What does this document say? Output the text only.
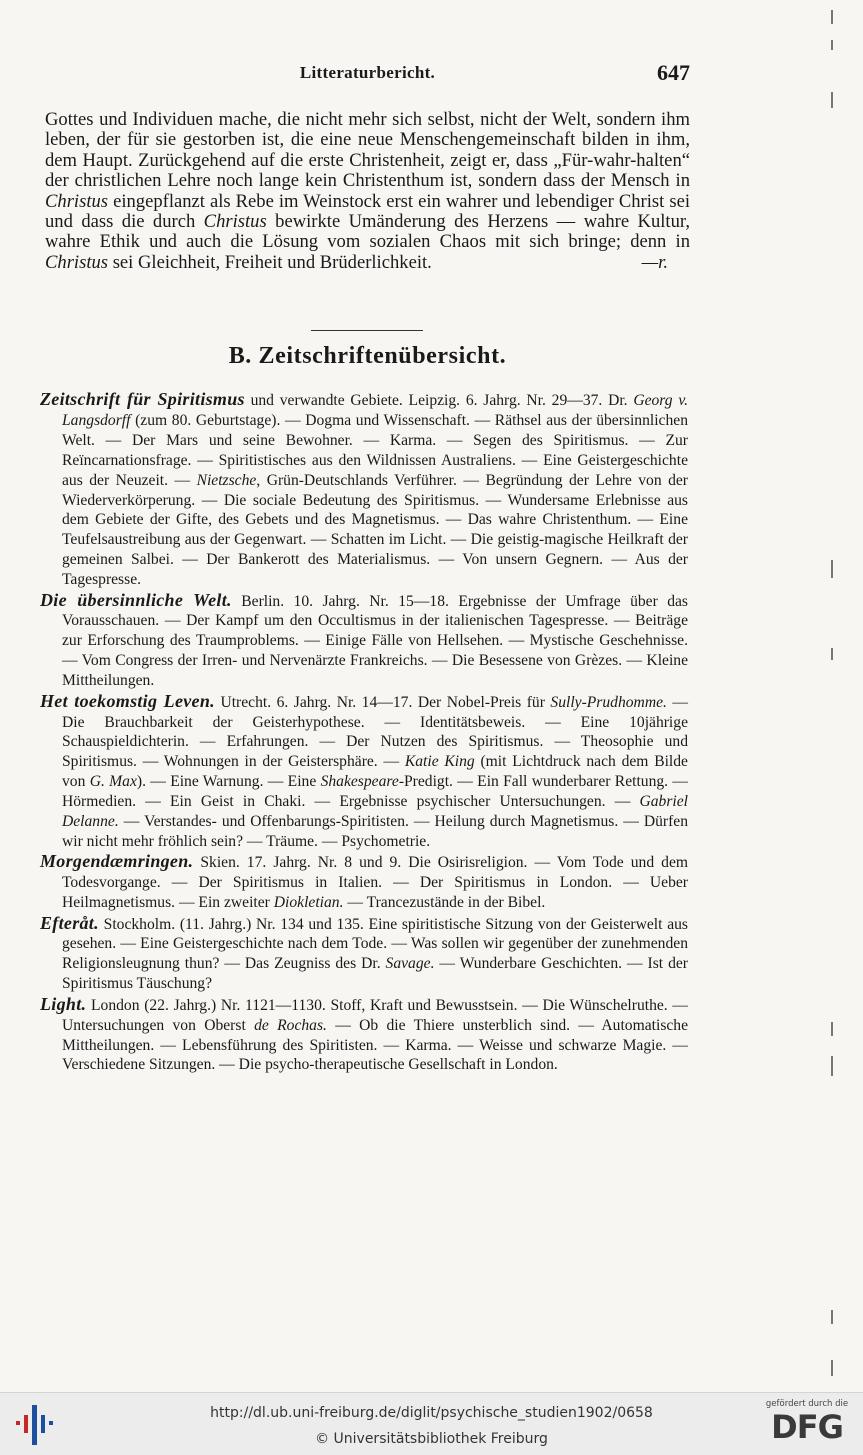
Litteraturbericht.	647
Gottes und Individuen mache, die nicht mehr sich selbst, nicht der Welt, sondern ihm leben, der für sie gestorben ist, die eine neue Menschengemeinschaft bilden in ihm, dem Haupt. Zurückgehend auf die erste Christenheit, zeigt er, dass „Für-wahr-halten“ der christlichen Lehre noch lange kein Christenthum ist, sondern dass der Mensch in Christus eingepflanzt als Rebe im Weinstock erst ein wahrer und lebendiger Christ sei und dass die durch Christus bewirkte Umänderung des Herzens — wahre Kultur, wahre Ethik und auch die Lösung vom sozialen Chaos mit sich bringe; denn in Christus sei Gleichheit, Freiheit und Brüderlichkeit.	—r.
B. Zeitschriftenübersicht.

Zeitschrift für Spiritismus und verwandte Gebiete. Leipzig. 6. Jahrg. Nr. 29—37. Dr. Georg v. Langsdorff (zum 80. Geburtstage). — Dogma und Wissenschaft. — Räthsel aus der übersinnlichen Welt. — Der Mars und seine Bewohner. — Karma. — Segen des Spiritismus. — Zur Reïncarnationsfrage. — Spiritistisches aus den Wildnissen Australiens. — Eine Geistergeschichte aus der Neuzeit. — Nietzsche, Grün-Deutschlands Verführer. — Begründung der Lehre von der Wiederverkörperung. — Die sociale Bedeutung des Spiritismus. — Wundersame Erlebnisse aus dem Gebiete der Gifte, des Gebets und des Magnetismus. — Das wahre Christenthum. — Eine Teufelsaustreibung aus der Gegenwart. — Schatten im Licht. — Die geistig-magische Heilkraft der gemeinen Salbei. — Der Bankerott des Materialismus. — Von unsern Gegnern. — Aus der Tagespresse.

Die übersinnliche Welt. Berlin. 10. Jahrg. Nr. 15—18. Ergebnisse der Umfrage über das Vorausschauen. — Der Kampf um den Occultismus in der italienischen Tagespresse. — Beiträge zur Erforschung des Traumproblems. — Einige Fälle von Hellsehen. — Mystische Geschehnisse. — Vom Congress der Irren- und Nervenärzte Frankreichs. — Die Besessene von Grèzes. — Kleine Mittheilungen.

Het toekomstig Leven. Utrecht. 6. Jahrg. Nr. 14—17. Der Nobel-Preis für Sully-Prudhomme. — Die Brauchbarkeit der Geisterhypothese. — Identitätsbeweis. — Eine 10jährige Schauspieldichterin. — Erfahrungen. — Der Nutzen des Spiritismus. — Theosophie und Spiritismus. — Wohnungen in der Geistersphäre. — Katie King (mit Lichtdruck nach dem Bilde von G. Max). — Eine Warnung. — Eine Shakespeare-Predigt. — Ein Fall wunderbarer Rettung. — Hörmedien. — Ein Geist in Chaki. — Ergebnisse psychischer Untersuchungen. — Gabriel Delanne. — Verstandes- und Offenbarungs-Spiritisten. — Heilung durch Magnetismus. — Dürfen wir nicht mehr fröhlich sein? — Träume. — Psychometrie.

Morgendæmringen. Skien. 17. Jahrg. Nr. 8 und 9. Die Osirisreligion. — Vom Tode und dem Todesvorgange. — Der Spiritismus in Italien. — Der Spiritismus in London. — Ueber Heilmagnetismus. — Ein zweiter Diokletian. — Trancezustände in der Bibel.

Efteråt. Stockholm. (11. Jahrg.) Nr. 134 und 135. Eine spiritistische Sitzung von der Geisterwelt aus gesehen. — Eine Geistergeschichte nach dem Tode. — Was sollen wir gegenüber der zunehmenden Religionsleugnung thun? — Das Zeugniss des Dr. Savage. — Wunderbare Geschichten. — Ist der Spiritismus Täuschung?

Light. London (22. Jahrg.) Nr. 1121—1130. Stoff, Kraft und Bewusstsein. — Die Wünschelruthe. — Untersuchungen von Oberst de Rochas. — Ob die Thiere unsterblich sind. — Automatische Mittheilungen. — Lebensführung des Spiritisten. — Karma. — Weisse und schwarze Magie. — Verschiedene Sitzungen. — Die psycho-therapeutische Gesellschaft in London.

http://dl.ub.uni-freiburg.de/diglit/psychische_studien1902/0658
© Universitätsbibliothek Freiburg
gefördert durch die
DFG
